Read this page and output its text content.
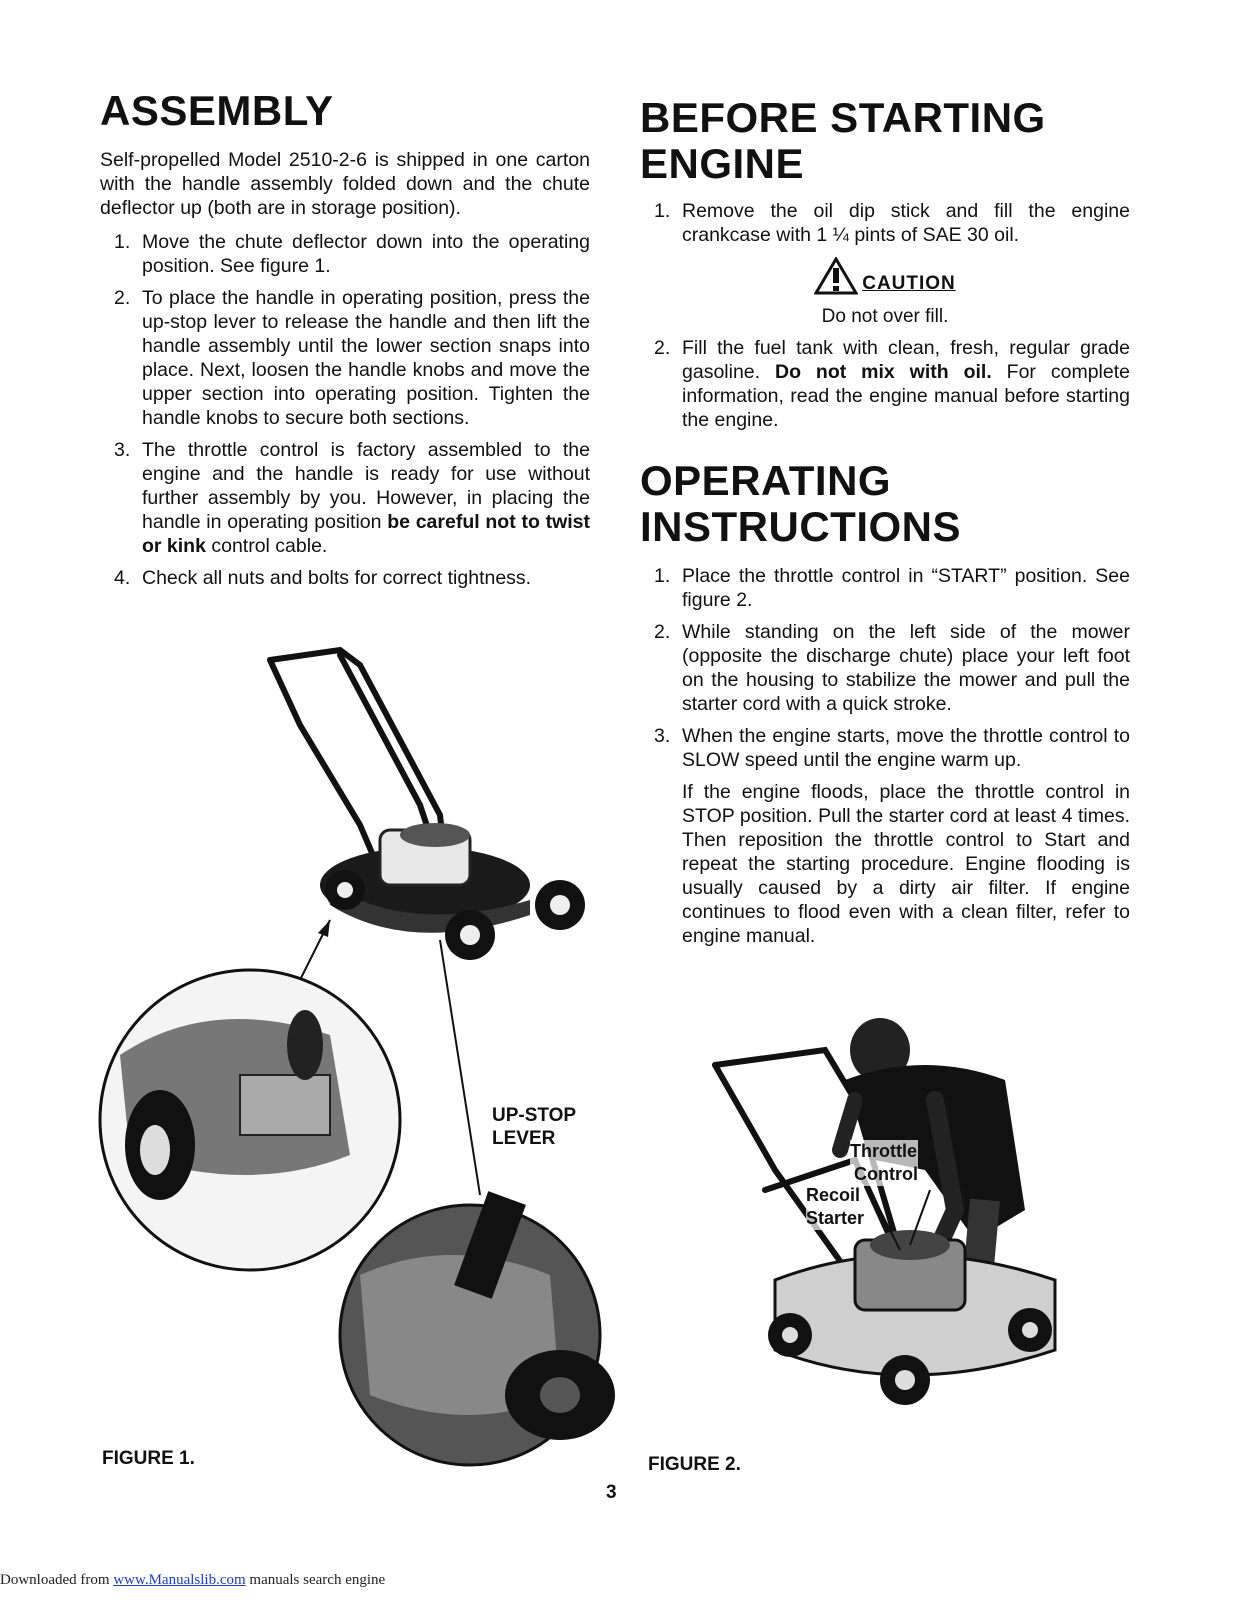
ASSEMBLY

Self-propelled Model 2510-2-6 is shipped in one carton with the handle assembly folded down and the chute deflector up (both are in storage position).

1. Move the chute deflector down into the operating position. See figure 1.
2. To place the handle in operating position, press the up-stop lever to release the handle and then lift the handle assembly until the lower section snaps into place. Next, loosen the handle knobs and move the upper section into operating position. Tighten the handle knobs to secure both sections.
3. The throttle control is factory assembled to the engine and the handle is ready for use without further assembly by you. However, in placing the handle in operating position be careful not to twist or kink control cable.
4. Check all nuts and bolts for correct tightness.
UP-STOP
LEVER
FIGURE 1.
BEFORE STARTING
ENGINE
1. Remove the oil dip stick and fill the engine crankcase with 1 ¼ pints of SAE 30 oil.
CAUTION
Do not over fill.
2. Fill the fuel tank with clean, fresh, regular grade gasoline. Do not mix with oil. For complete information, read the engine manual before starting the engine.
OPERATING
INSTRUCTIONS
1. Place the throttle control in “START” position. See figure 2.
2. While standing on the left side of the mower (opposite the discharge chute) place your left foot on the housing to stabilize the mower and pull the starter cord with a quick stroke.
3. When the engine starts, move the throttle control to SLOW speed until the engine warm up.

If the engine floods, place the throttle control in STOP position. Pull the starter cord at least 4 times. Then reposition the throttle control to Start and repeat the starting procedure. Engine flooding is usually caused by a dirty air filter. If engine continues to flood even with a clean filter, refer to engine manual.

Throttle
Control
Recoil
Starter
FIGURE 2.
3
Downloaded from www.Manualslib.com manuals search engine
